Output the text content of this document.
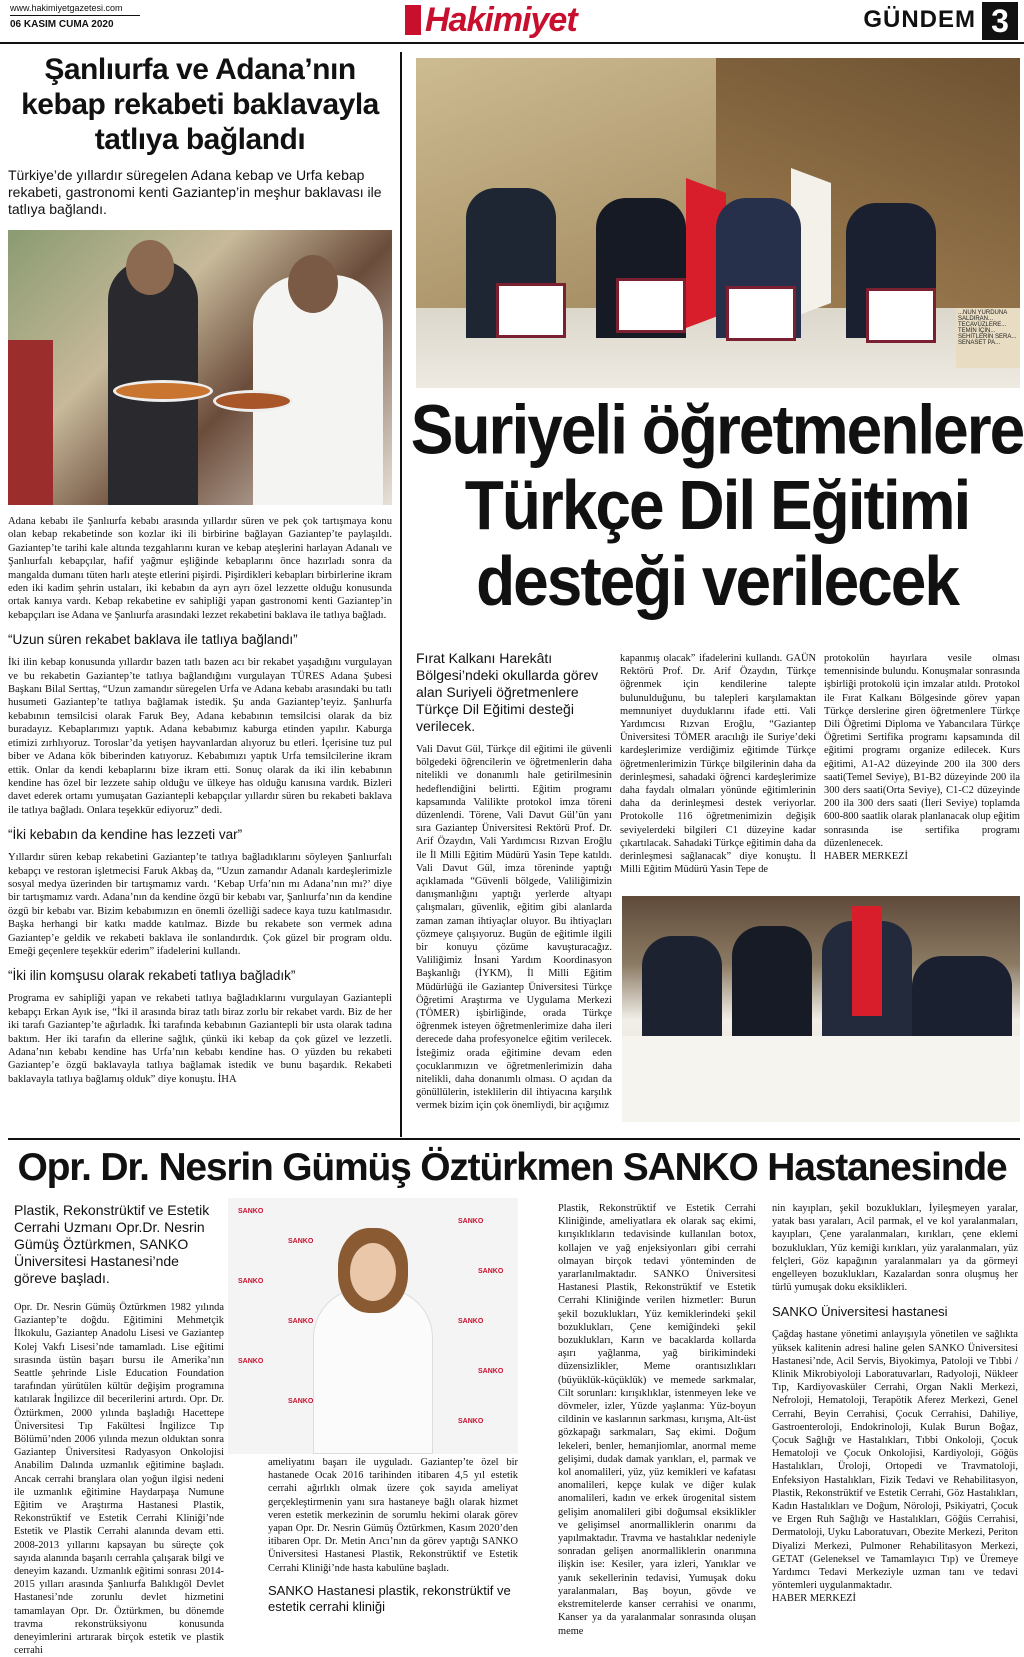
www.hakimiyetgazetesi.com
06 KASIM CUMA 2020	Hakimiyet	GÜNDEM 3
Şanlıurfa ve Adana’nın kebap rekabeti baklavayla tatlıya bağlandı

Türkiye’de yıllardır süregelen Adana kebap ve Urfa kebap rekabeti, gastronomi kenti Gaziantep’in meşhur baklavası ile tatlıya bağlandı.

Adana kebabı ile Şanlıurfa kebabı arasında yıllardır süren ve pek çok tartışmaya konu olan kebap rekabetinde son kozlar iki ili birbirine bağlayan Gaziantep’te paylaşıldı. Gaziantep’te tarihi kale altında tezgahlarını kuran ve kebap ateşlerini harlayan Adanalı ve Şanlıurfalı kebapçılar, hafif yağmur eşliğinde kebaplarını önce hazırladı sonra da mangalda dumanı tüten harlı ateşte etlerini pişirdi. Pişirdikleri kebapları birbirlerine ikram eden iki kadim şehrin ustaları, iki kebabın da ayrı ayrı özel lezzette olduğu konusunda ortak kanıya vardı. Kebap rekabetine ev sahipliği yapan gastronomi kenti Gaziantep’in kebapçıları ise Adana ve Şanlıurfa arasındaki lezzet rekabetini baklava ile tatlıya bağladı.

“Uzun süren rekabet baklava ile tatlıya bağlandı”

İki ilin kebap konusunda yıllardır bazen tatlı bazen acı bir rekabet yaşadığını vurgulayan ve bu rekabetin Gaziantep’te tatlıya bağlandığını vurgulayan TÜRES Adana Şubesi Başkanı Bilal Serttaş, “Uzun zamandır süregelen Urfa ve Adana kebabı arasındaki bu tatlı husumeti Gaziantep’te tatlıya bağlamak istedik. Şu anda Gaziantep’teyiz. Şanlıurfa kebabının temsilcisi olarak Faruk Bey, Adana kebabının temsilcisi olarak da biz buradayız. Kebaplarımızı yaptık. Adana kebabımız kaburga etinden yapılır. Kaburga etimizi zırhlıyoruz. Toroslar’da yetişen hayvanlardan alıyoruz bu etleri. İçerisine tuz pul biber ve Adana kök biberinden katıyoruz. Kebabımızı yaptık Urfa temsilcilerine ikram ettik. Onlar da kendi kebaplarını bize ikram etti. Sonuç olarak da iki ilin kebabının kendine has özel bir lezzete sahip olduğu ve ülkeye has olduğu kanısına vardık. Bizleri davet ederek ortamı yumuşatan Gaziantepli kebapçılar yıllardır süren bu rekabeti baklava ile tatlıya bağladı. Onlara teşekkür ediyoruz” dedi.

“İki kebabın da kendine has lezzeti var”

Yıllardır süren kebap rekabetini Gaziantep’te tatlıya bağladıklarını söyleyen Şanlıurfalı kebapçı ve restoran işletmecisi Faruk Akbaş da, “Uzun zamandır Adanalı kardeşlerimizle sosyal medya üzerinden bir tartışmamız vardı. ‘Kebap Urfa’nın mı Adana’nın mı?’ diye bir tartışmamız vardı. Adana’nın da kendine özgü bir kebabı var, Şanlıurfa’nın da kendine özgü bir kebabı var. Bizim kebabımızın en önemli özelliği sadece kaya tuzu katılmasıdır. Başka herhangi bir katkı madde katılmaz. Bizde bu rekabete son vermek adına Gaziantep’e geldik ve rekabeti baklava ile sonlandırdık. Çok güzel bir program oldu. Emeği geçenlere teşekkür ederim” ifadelerini kullandı.

“İki ilin komşusu olarak rekabeti tatlıya bağladık”

Programa ev sahipliği yapan ve rekabeti tatlıya bağladıklarını vurgulayan Gaziantepli kebapçı Erkan Ayık ise, “İki il arasında biraz tatlı biraz zorlu bir rekabet vardı. Biz de her iki tarafı Gaziantep’te ağırladık. İki tarafında kebabının Gaziantepli bir usta olarak tadına baktım. Her iki tarafın da ellerine sağlık, çünkü iki kebap da çok güzel ve lezzetli. Adana’nın kebabı kendine has Urfa’nın kebabı kendine has. O yüzden bu rekabeti Gaziantep’e özgü baklavayla tatlıya bağlamak istedik ve bunu başardık. Rekabeti baklavayla tatlıya bağlamış olduk” diye konuştu. İHA

...NUN YURDUNA SALDIRAN... TECAVÜZLERE... TEMİN İÇİN... SEHİTLERİN SERA... SENASET PA...
Suriyeli öğretmenlere
Türkçe Dil Eğitimi
desteği verilecek

Fırat Kalkanı Harekâtı Bölgesi’ndeki okullarda görev alan Suriyeli öğretmenlere Türkçe Dil Eğitimi desteği verilecek.

Vali Davut Gül, Türkçe dil eğitimi ile güvenli bölgedeki öğrencilerin ve öğretmenlerin daha nitelikli ve donanımlı hale getirilmesinin hedeflendiğini belirtti. Eğitim programı kapsamında Valilikte protokol imza töreni düzenlendi. Törene, Vali Davut Gül’ün yanı sıra Gaziantep Üniversitesi Rektörü Prof. Dr. Arif Özaydın, Vali Yardımcısı Rızvan Eroğlu ile İl Milli Eğitim Müdürü Yasin Tepe katıldı. Vali Davut Gül, imza töreninde yaptığı açıklamada “Güvenli bölgede, Valiliğimizin danışmanlığını yaptığı yerlerde altyapı çalışmaları, güvenlik, eğitim gibi alanlarda zaman zaman ihtiyaçlar oluyor. Bu ihtiyaçları çözmeye çalışıyoruz. Bugün de eğitimle ilgili bir konuyu çözüme kavuşturacağız. Valiliğimiz İnsani Yardım Koordinasyon Başkanlığı (İYKM), İl Milli Eğitim Müdürlüğü ile Gaziantep Üniversitesi Türkçe Öğretimi Araştırma ve Uygulama Merkezi (TÖMER) işbirliğinde, orada Türkçe öğrenmek isteyen öğretmenlerimize daha ileri derecede daha profesyonelce eğitim verilecek. İsteğimiz orada eğitimine devam eden çocuklarımızın ve öğretmenlerimizin daha nitelikli, daha donanımlı olması. O açıdan da gönüllülerin, isteklilerin dil ihtiyacına karşılık vermek bizim için çok önemliydi, bir açığımız

kapanmış olacak” ifadelerini kullandı. GAÜN Rektörü Prof. Dr. Arif Özaydın, Türkçe öğrenmek için kendilerine talepte bulunulduğunu, bu talepleri karşılamaktan memnuniyet duyduklarını ifade etti. Vali Yardımcısı Rızvan Eroğlu, “Gaziantep Üniversitesi TÖMER aracılığı ile Suriye’deki kardeşlerimize verdiğimiz eğitimde Türkçe öğretmenlerimizin Türkçe bilgilerinin daha da derinleşmesi, sahadaki öğrenci kardeşlerimize daha faydalı olmaları yönünde eğitimlerinin daha da derinleşmesi destek veriyorlar. Protokolle 116 öğretmenimizin değişik seviyelerdeki bilgileri C1 düzeyine kadar çıkartılacak. Sahadaki Türkçe eğitimin daha da derinleşmesi sağlanacak” diye konuştu. İl Milli Eğitim Müdürü Yasin Tepe de

protokolün hayırlara vesile olması temennisinde bulundu. Konuşmalar sonrasında işbirliği protokolü için imzalar atıldı. Protokol ile Fırat Kalkanı Bölgesinde görev yapan Türkçe derslerine giren öğretmenlere Türkçe Dili Öğretimi Diploma ve Yabancılara Türkçe Öğretimi Sertifika programı kapsamında dil eğitimi programı organize edilecek. Kurs eğitimi, A1-A2 düzeyinde 200 ila 300 ders saati(Temel Seviye), B1-B2 düzeyinde 200 ila 300 ders saati(Orta Seviye), C1-C2 düzeyinde 200 ila 300 ders saati (İleri Seviye) toplamda 600-800 saatlik olarak planlanacak olup eğitim sonrasında ise sertifika programı düzenlenecek.

HABER MERKEZİ

Opr. Dr. Nesrin Gümüş Öztürkmen SANKO Hastanesinde

Plastik, Rekonstrüktif ve Estetik Cerrahi Uzmanı Opr.Dr. Nesrin Gümüş Öztürkmen, SANKO Üniversitesi Hastanesi’nde göreve başladı.

Opr. Dr. Nesrin Gümüş Öztürkmen 1982 yılında Gaziantep’te doğdu. Eğitimini Mehmetçik İlkokulu, Gaziantep Anadolu Lisesi ve Gaziantep Kolej Vakfı Lisesi’nde tamamladı. Lise eğitimi sırasında üstün başarı bursu ile Amerika’nın Seattle şehrinde Lisle Education Foundation tarafından yürütülen kültür değişim programına katılarak İngilizce dil becerilerini artırdı. Opr. Dr. Öztürkmen, 2000 yılında başladığı Hacettepe Üniversitesi Tıp Fakültesi İngilizce Tıp Bölümü’nden 2006 yılında mezun olduktan sonra Gaziantep Üniversitesi Radyasyon Onkolojisi Anabilim Dalında uzmanlık eğitimine başladı. Ancak cerrahi branşlara olan yoğun ilgisi nedeni ile uzmanlık eğitimine Haydarpaşa Numune Eğitim ve Araştırma Hastanesi Plastik, Rekonstrüktif ve Estetik Cerrahi Kliniği’nde Estetik ve Plastik Cerrahi alanında devam etti. 2008-2013 yıllarını kapsayan bu süreçte çok sayıda alanında başarılı cerrahla çalışarak bilgi ve deneyim kazandı. Uzmanlık eğitimi sonrası 2014-2015 yılları arasında Şanlıurfa Balıklıgöl Devlet Hastanesi’nde zorunlu devlet hizmetini tamamlayan Opr. Dr. Öztürkmen, bu dönemde travma rekonstrüksiyonu konusunda deneyimlerini artırarak birçok estetik ve plastik cerrahi

SANKO
SANKO
SANKO
SANKO
SANKO
SANKO
SANKO
SANKO
SANKO
SANKO
SANKO

ameliyatını başarı ile uyguladı. Gaziantep’te özel bir hastanede Ocak 2016 tarihinden itibaren 4,5 yıl estetik cerrahi ağırlıklı olmak üzere çok sayıda ameliyat gerçekleştirmenin yanı sıra hastaneye bağlı olarak hizmet veren estetik merkezinin de sorumlu hekimi olarak görev yapan Opr. Dr. Nesrin Gümüş Öztürkmen, Kasım 2020’den itibaren Opr. Dr. Metin Arıcı’nın da görev yaptığı SANKO Üniversitesi Hastanesi Plastik, Rekonstrüktif ve Estetik Cerrahi Kliniği’nde hasta kabulüne başladı.

SANKO Hastanesi plastik, rekonstrüktif ve estetik cerrahi kliniği

Plastik, Rekonstrüktif ve Estetik Cerrahi Kliniğinde, ameliyatlara ek olarak saç ekimi, kırışıklıkların tedavisinde kullanılan botox, kollajen ve yağ enjeksiyonları gibi cerrahi olmayan birçok tedavi yönteminden de yararlanılmaktadır. SANKO Üniversitesi Hastanesi Plastik, Rekonstrüktif ve Estetik Cerrahi Kliniğinde verilen hizmetler: Burun şekil bozuklukları, Yüz kemiklerindeki şekil bozuklukları, Çene kemiğindeki şekil bozuklukları, Karın ve bacaklarda kollarda aşırı yağlanma, yağ birikimindeki düzensizlikler, Meme orantısızlıkları (büyüklük-küçüklük) ve memede sarkmalar, Cilt sorunları: kırışıklıklar, istenmeyen leke ve dövmeler, izler, Yüzde yaşlanma: Yüz-boyun cildinin ve kaslarının sarkması, kırışma, Alt-üst gözkapağı sarkmaları, Saç ekimi. Doğum lekeleri, benler, hemanjiomlar, anormal meme gelişimi, dudak damak yarıkları, el, parmak ve kol anomalileri, yüz, yüz kemikleri ve kafatası anomalileri, kepçe kulak ve diğer kulak anomalileri, kadın ve erkek ürogenital sistem gelişim anomalileri gibi doğumsal eksiklikler ve gelişimsel anormalliklerin onarımı da yapılmaktadır. Travma ve hastalıklar nedeniyle sonradan gelişen anormalliklerin onarımına ilişkin ise: Kesiler, yara izleri, Yanıklar ve yanık sekellerinin tedavisi, Yumuşak doku yaralanmaları, Baş boyun, gövde ve ekstremitelerde kanser cerrahisi ve onarımı, Kanser ya da yaralanmalar sonrasında oluşan meme

nin kayıpları, şekil bozuklukları, İyileşmeyen yaralar, yatak bası yaraları, Acil parmak, el ve kol yaralanmaları, kayıpları, Çene yaralanmaları, kırıkları, çene eklemi bozuklukları, Yüz kemiği kırıkları, yüz yaralanmaları, yüz felçleri, Göz kapağının yaralanmaları ya da görmeyi engelleyen bozuklukları, Kazalardan sonra oluşmuş her türlü yumuşak doku eksiklikleri.

SANKO Üniversitesi hastanesi

Çağdaş hastane yönetimi anlayışıyla yönetilen ve sağlıkta yüksek kalitenin adresi haline gelen SANKO Üniversitesi Hastanesi’nde, Acil Servis, Biyokimya, Patoloji ve Tıbbi / Klinik Mikrobiyoloji Laboratuvarları, Radyoloji, Nükleer Tıp, Kardiyovasküler Cerrahi, Organ Nakli Merkezi, Nefroloji, Hematoloji, Terapötik Aferez Merkezi, Genel Cerrahi, Beyin Cerrahisi, Çocuk Cerrahisi, Dahiliye, Gastroenteroloji, Endokrinoloji, Kulak Burun Boğaz, Çocuk Sağlığı ve Hastalıkları, Tıbbi Onkoloji, Çocuk Hematoloji ve Çocuk Onkolojisi, Kardiyoloji, Göğüs Hastalıkları, Üroloji, Ortopedi ve Travmatoloji, Enfeksiyon Hastalıkları, Fizik Tedavi ve Rehabilitasyon, Plastik, Rekonstrüktif ve Estetik Cerrahi, Göz Hastalıkları, Kadın Hastalıkları ve Doğum, Nöroloji, Psikiyatri, Çocuk ve Ergen Ruh Sağlığı ve Hastalıkları, Göğüs Cerrahisi, Dermatoloji, Uyku Laboratuvarı, Obezite Merkezi, Periton Diyalizi Merkezi, Pulmoner Rehabilitasyon Merkezi, GETAT (Geleneksel ve Tamamlayıcı Tıp) ve Üremeye Yardımcı Tedavi Merkeziyle uzman tanı ve tedavi yöntemleri uygulanmaktadır.

HABER MERKEZİ
